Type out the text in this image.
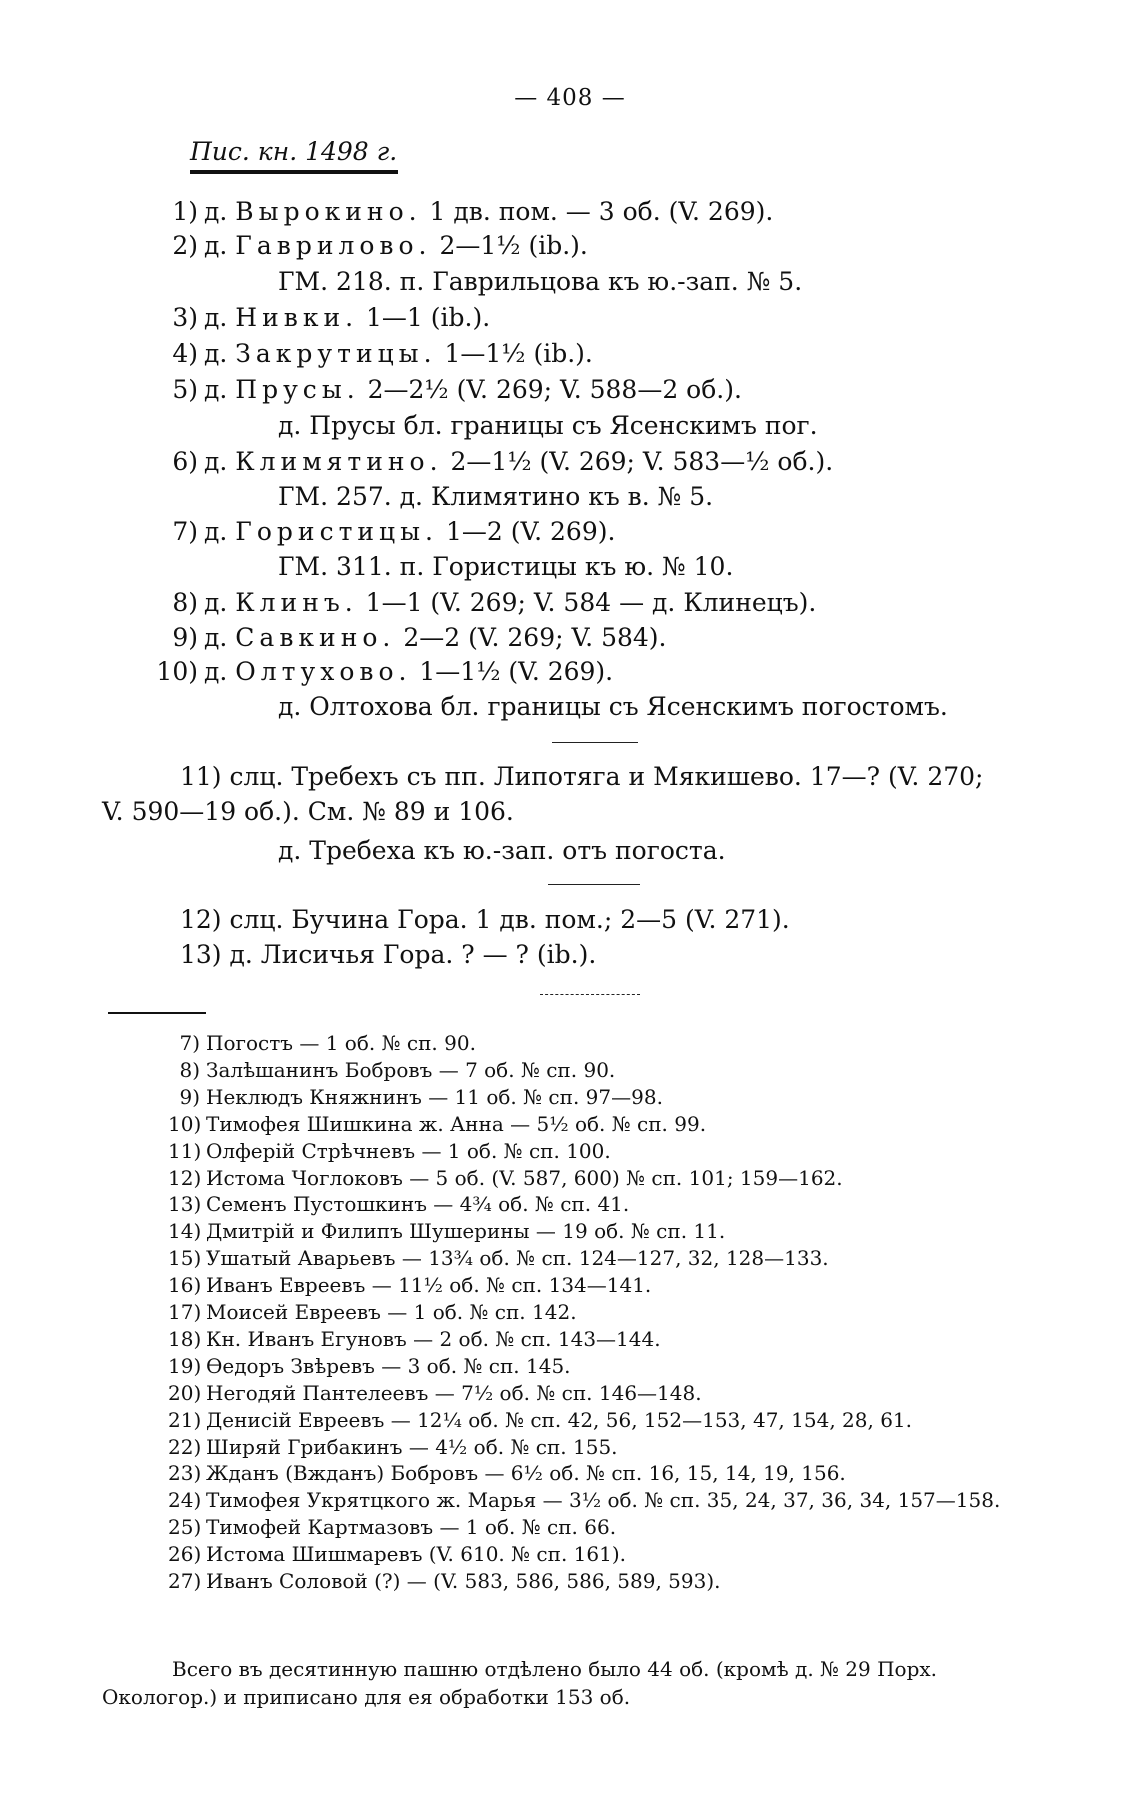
— 408 —
Пис. кн. 1498 г.
1) д. Вырокино. 1 дв. пом. — 3 об. (V. 269).
2) д. Гаврилово. 2—1½ (ib.).
ГМ. 218. п. Гаврильцова къ ю.-зап. № 5.
3) д. Нивки. 1—1 (ib.).
4) д. Закрутицы. 1—1½ (ib.).
5) д. Прусы. 2—2½ (V. 269; V. 588—2 об.).
д. Прусы бл. границы съ Ясенскимъ пог.
6) д. Климятино. 2—1½ (V. 269; V. 583—½ об.).
ГМ. 257. д. Климятино къ в. № 5.
7) д. Гористицы. 1—2 (V. 269).
ГМ. 311. п. Гористицы къ ю. № 10.
8) д. Клинъ. 1—1 (V. 269; V. 584 — д. Клинецъ).
9) д. Савкино. 2—2 (V. 269; V. 584).
10) д. Олтухово. 1—1½ (V. 269).
д. Олтохова бл. границы съ Ясенскимъ погостомъ.
11) слц. Требехъ съ пп. Липотяга и Мякишево. 17—? (V. 270;
V. 590—19 об.). См. № 89 и 106.
д. Требеха къ ю.-зап. отъ погоста.
12) слц. Бучина Гора. 1 дв. пом.; 2—5 (V. 271).
13) д. Лисичья Гора. ? — ? (ib.).
7) Погостъ — 1 об. № сп. 90.
8) Залѣшанинъ Бобровъ — 7 об. № сп. 90.
9) Неклюдъ Княжнинъ — 11 об. № сп. 97—98.
10) Тимофея Шишкина ж. Анна — 5½ об. № сп. 99.
11) Олферiй Стрѣчневъ — 1 об. № сп. 100.
12) Истома Чоглоковъ — 5 об. (V. 587, 600) № сп. 101; 159—162.
13) Семенъ Пустошкинъ — 4¾ об. № сп. 41.
14) Дмитрiй и Филипъ Шушерины — 19 об. № сп. 11.
15) Ушатый Аварьевъ — 13¾ об. № сп. 124—127, 32, 128—133.
16) Иванъ Евреевъ — 11½ об. № сп. 134—141.
17) Моисей Евреевъ — 1 об. № сп. 142.
18) Кн. Иванъ Егуновъ — 2 об. № сп. 143—144.
19) Ѳедоръ Звѣревъ — 3 об. № сп. 145.
20) Негодяй Пантелеевъ — 7½ об. № сп. 146—148.
21) Денисiй Евреевъ — 12¼ об. № сп. 42, 56, 152—153, 47, 154, 28, 61.
22) Ширяй Грибакинъ — 4½ об. № сп. 155.
23) Жданъ (Вжданъ) Бобровъ — 6½ об. № сп. 16, 15, 14, 19, 156.
24) Тимофея Укрятцкого ж. Марья — 3½ об. № сп. 35, 24, 37, 36, 34, 157—158.
25) Тимофей Картмазовъ — 1 об. № сп. 66.
26) Истома Шишмаревъ (V. 610. № сп. 161).
27) Иванъ Соловой (?) — (V. 583, 586, 586, 589, 593).
Всего въ десятинную пашню отдѣлено было 44 об. (кромѣ д. № 29 Порх. Окологор.) и приписано для ея обработки 153 об.
